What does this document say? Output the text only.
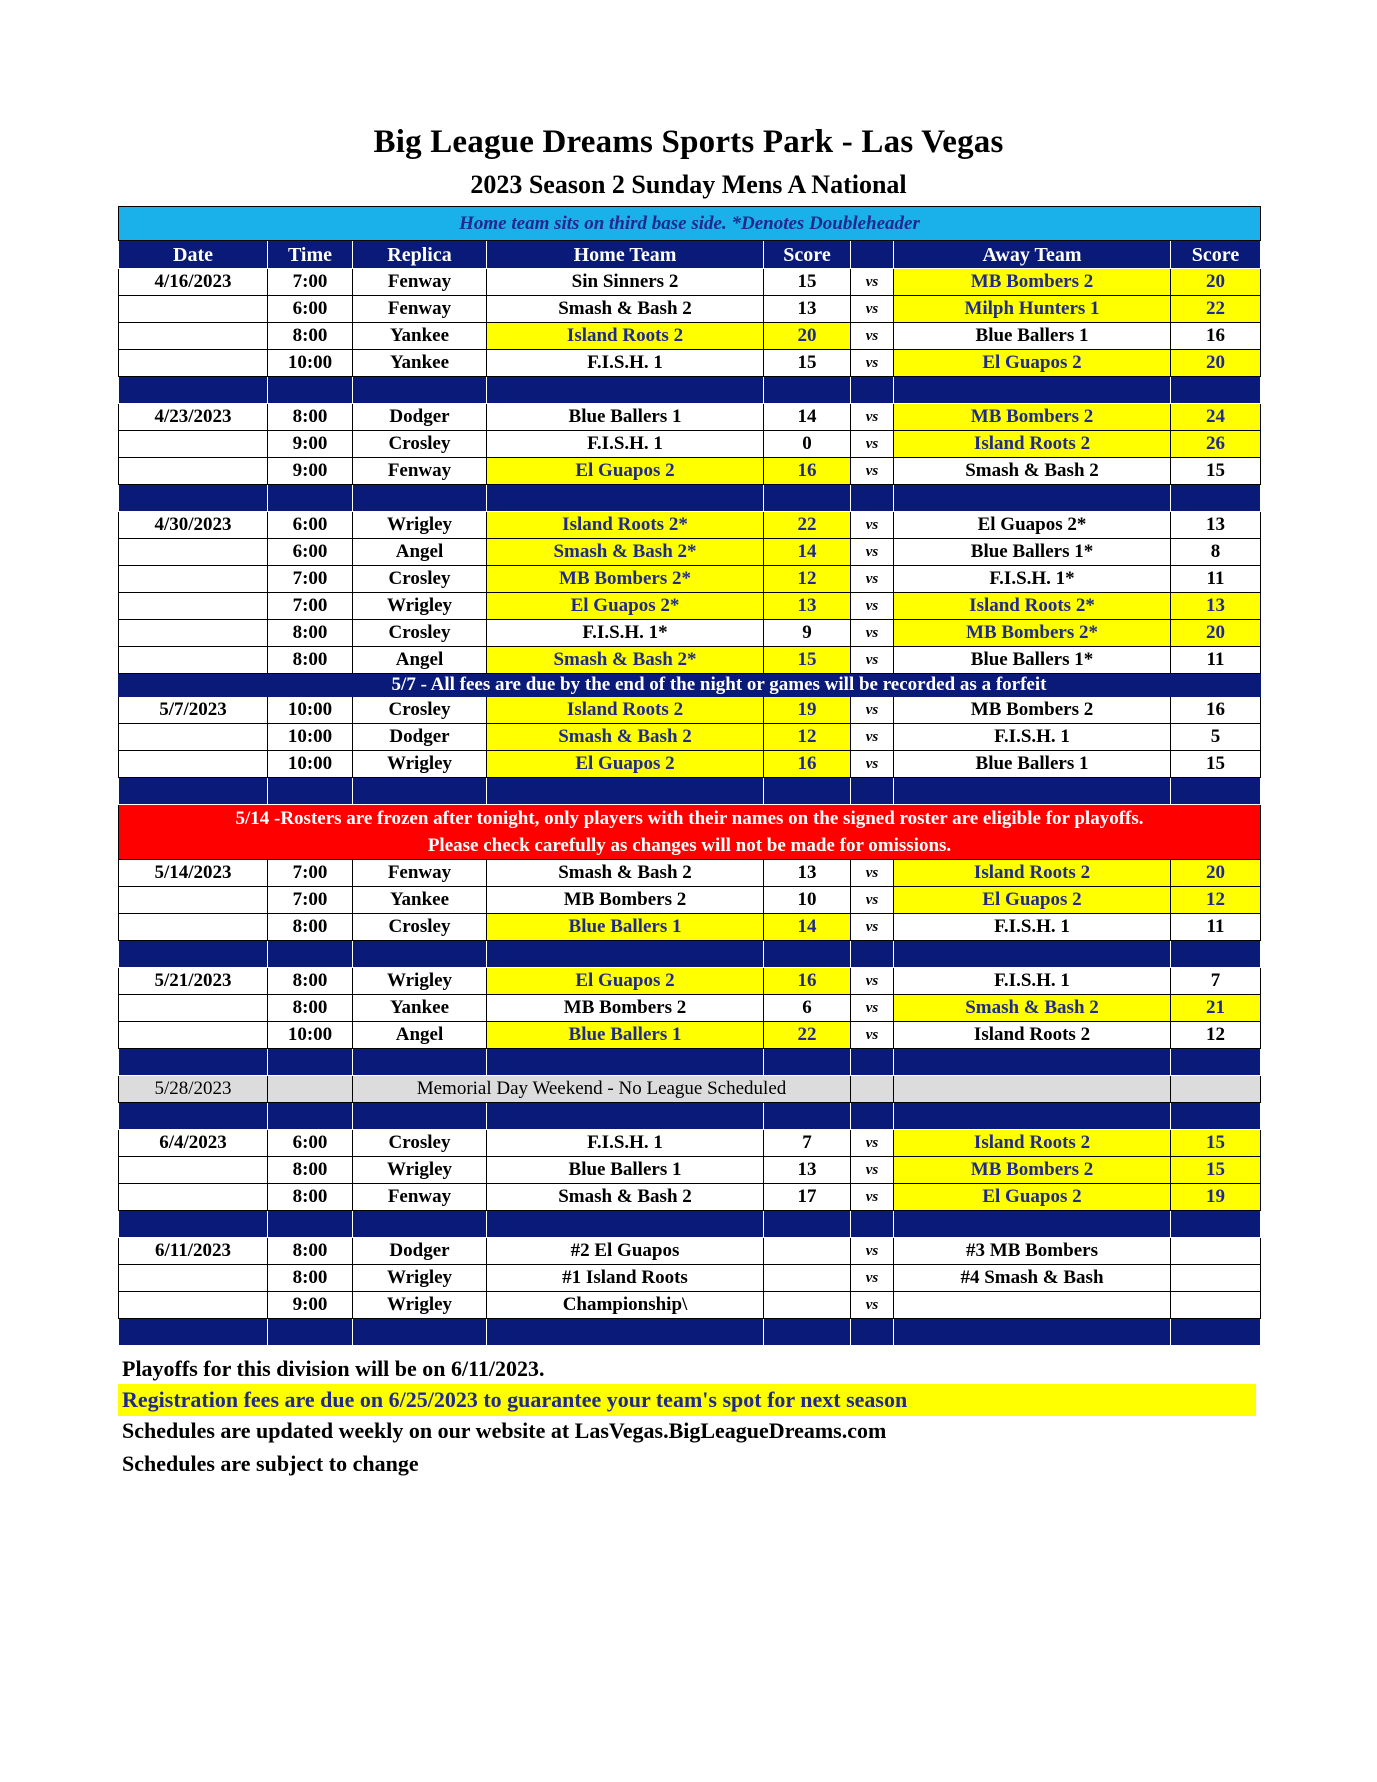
Big League Dreams Sports Park - Las Vegas
2023 Season 2 Sunday Mens A National
Home team sits on third base side. *Denotes Doubleheader							
Date	Time	Replica	Home Team	Score		Away Team	Score
4/16/2023	7:00	Fenway	Sin Sinners 2	15	vs	MB Bombers 2	20
	6:00	Fenway	Smash & Bash 2	13	vs	Milph Hunters 1	22
	8:00	Yankee	Island Roots 2	20	vs	Blue Ballers 1	16
	10:00	Yankee	F.I.S.H. 1	15	vs	El Guapos 2	20

4/23/2023	8:00	Dodger	Blue Ballers 1	14	vs	MB Bombers 2	24
	9:00	Crosley	F.I.S.H. 1	0	vs	Island Roots 2	26
	9:00	Fenway	El Guapos 2	16	vs	Smash & Bash 2	15

4/30/2023	6:00	Wrigley	Island Roots 2*	22	vs	El Guapos 2*	13
	6:00	Angel	Smash & Bash 2*	14	vs	Blue Ballers 1*	8
	7:00	Crosley	MB Bombers 2*	12	vs	F.I.S.H. 1*	11
	7:00	Wrigley	El Guapos 2*	13	vs	Island Roots 2*	13
	8:00	Crosley	F.I.S.H. 1*	9	vs	MB Bombers 2*	20
	8:00	Angel	Smash & Bash 2*	15	vs	Blue Ballers 1*	11
	5/7 - All fees are due by the end of the night or games will be recorded as a forfeit						
5/7/2023	10:00	Crosley	Island Roots 2	19	vs	MB Bombers 2	16
	10:00	Dodger	Smash & Bash 2	12	vs	F.I.S.H. 1	5
	10:00	Wrigley	El Guapos 2	16	vs	Blue Ballers 1	15

5/14 -Rosters are frozen after tonight, only players with their names on the signed roster are eligible for playoffs.
Please check carefully as changes will not be made for omissions.							

5/14/2023	7:00	Fenway	Smash & Bash 2	13	vs	Island Roots 2	20
	7:00	Yankee	MB Bombers 2	10	vs	El Guapos 2	12
	8:00	Crosley	Blue Ballers 1	14	vs	F.I.S.H. 1	11

5/21/2023	8:00	Wrigley	El Guapos 2	16	vs	F.I.S.H. 1	7
	8:00	Yankee	MB Bombers 2	6	vs	Smash & Bash 2	21
	10:00	Angel	Blue Ballers 1	22	vs	Island Roots 2	12

5/28/2023		Memorial Day Weekend - No League Scheduled					

6/4/2023	6:00	Crosley	F.I.S.H. 1	7	vs	Island Roots 2	15
	8:00	Wrigley	Blue Ballers 1	13	vs	MB Bombers 2	15
	8:00	Fenway	Smash & Bash 2	17	vs	El Guapos 2	19

6/11/2023	8:00	Dodger	#2 El Guapos		vs	#3 MB Bombers	
	8:00	Wrigley	#1 Island Roots		vs	#4 Smash & Bash	
	9:00	Wrigley	Championship\		vs		

Playoffs for this division will be on 6/11/2023.
Registration fees are due on 6/25/2023 to guarantee your team's spot for next season
Schedules are updated weekly on our website at LasVegas.BigLeagueDreams.com
Schedules are subject to change
